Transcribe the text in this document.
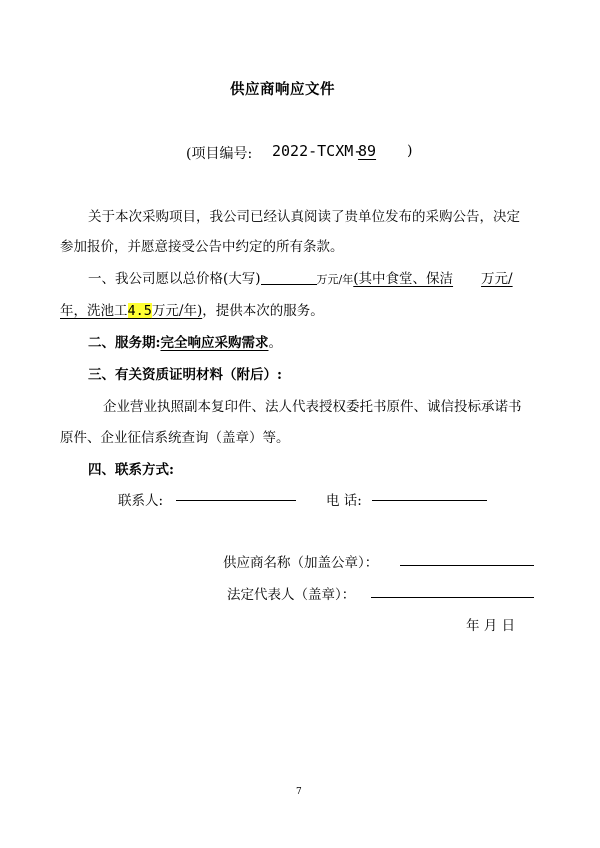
供应商响应文件
(项目编号: 2022-TCXM-
89 )
关于本次采购项目，我公司已经认真阅读了贵单位发布的采购公告，决定
参加报价，并愿意接受公告中约定的所有条款。
一、我公司愿以总价格(大写)	万元/年(其中食堂、保洁 万元/
年，洗池工4.5万元/年)，提供本次的服务。
二、服务期:完全响应采购需求。
三、有关资质证明材料（附后）:
企业营业执照副本复印件、法人代表授权委托书原件、诚信投标承诺书
原件、企业征信系统查询（盖章）等。
四、联系方式:
联系人:	电 话:
供应商名称（加盖公章）：
法定代表人（盖章）：
年 月 日
7
